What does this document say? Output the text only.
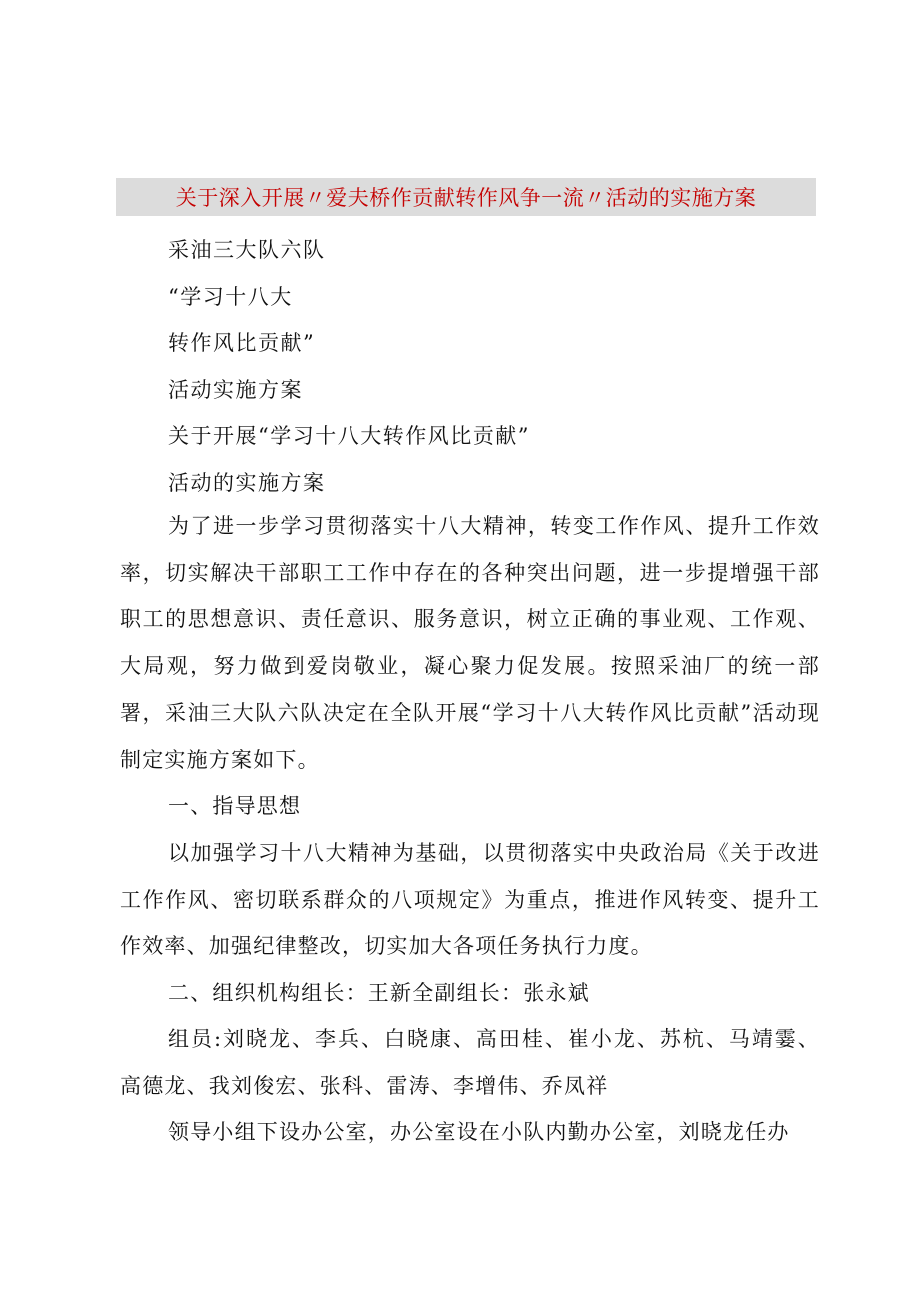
关于深入开展〃爱夫桥作贡献转作风争一流〃活动的实施方案
采油三大队六队
“学习十八大
转作风比贡献”
活动实施方案
关于开展“学习十八大转作风比贡献”
活动的实施方案

为了进一步学习贯彻落实十八大精神，转变工作作风、提升工作效率，切实解决干部职工工作中存在的各种突出问题，进一步提增强干部职工的思想意识、责任意识、服务意识，树立正确的事业观、工作观、大局观，努力做到爱岗敬业，凝心聚力促发展。按照采油厂的统一部署，采油三大队六队决定在全队开展“学习十八大转作风比贡献”活动现制定实施方案如下。

一、指导思想

以加强学习十八大精神为基础，以贯彻落实中央政治局《关于改进工作作风、密切联系群众的八项规定》为重点，推进作风转变、提升工作效率、加强纪律整改，切实加大各项任务执行力度。

二、组织机构组长：王新全副组长：张永斌

组员:刘晓龙、李兵、白晓康、高田桂、崔小龙、苏杭、马靖霎、高德龙、我刘俊宏、张科、雷涛、李增伟、乔凤祥

领导小组下设办公室，办公室设在小队内勤办公室，刘晓龙任办
